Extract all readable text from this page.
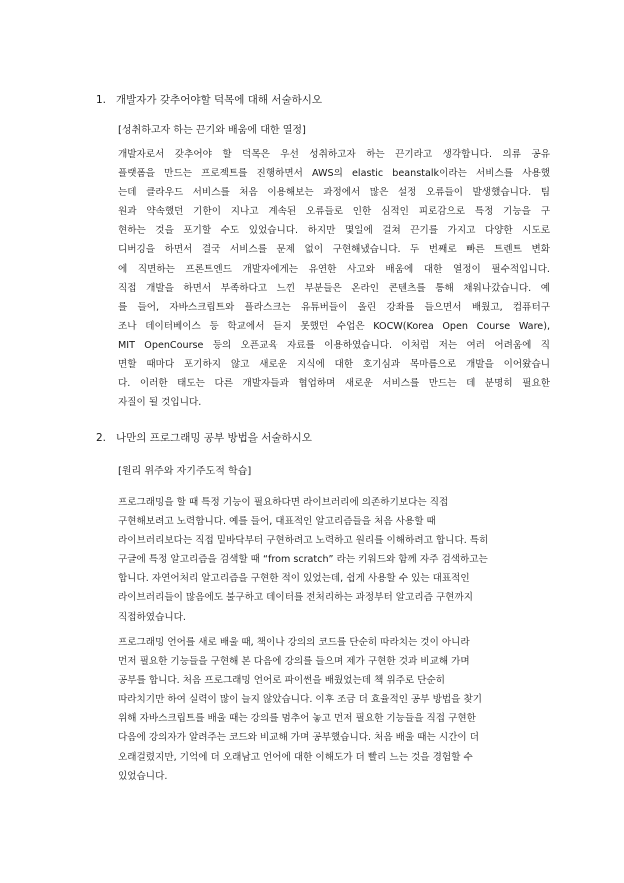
1. 개발자가 갖추어야할 덕목에 대해 서술하시오
[성취하고자 하는 끈기와 배움에 대한 열정]
개발자로서 갖추어야 할 덕목은 우선 성취하고자 하는 끈기라고 생각합니다. 의류 공유
플랫폼을 만드는 프로젝트를 진행하면서 AWS의 elastic beanstalk이라는 서비스를 사용했
는데 클라우드 서비스를 처음 이용해보는 과정에서 많은 설정 오류들이 발생했습니다. 팀
원과 약속했던 기한이 지나고 계속된 오류들로 인한 심적인 피로감으로 특정 기능을 구
현하는 것을 포기할 수도 있었습니다. 하지만 몇일에 걸쳐 끈기를 가지고 다양한 시도로
디버깅을 하면서 결국 서비스를 문제 없이 구현해냈습니다. 두 번째로 빠른 트렌트 변화
에 직면하는 프론트엔드 개발자에게는 유연한 사고와 배움에 대한 열정이 필수적입니다.
직접 개발을 하면서 부족하다고 느낀 부분들은 온라인 콘텐츠를 통해 채워나갔습니다. 예
를 들어, 자바스크립트와 플라스크는 유튜버들이 올린 강좌를 들으면서 배웠고, 컴퓨터구
조나 데이터베이스 등 학교에서 듣지 못했던 수업은 KOCW(Korea Open Course Ware),
MIT OpenCourse 등의 오픈교육 자료를 이용하였습니다. 이처럼 저는 여러 어려움에 직
면할 때마다 포기하지 않고 새로운 지식에 대한 호기심과 목마름으로 개발을 이어왔습니
다. 이러한 태도는 다른 개발자들과 협업하며 새로운 서비스를 만드는 데 분명히 필요한
자질이 될 것입니다.
2. 나만의 프로그래밍 공부 방법을 서술하시오
[원리 위주와 자기주도적 학습]
프로그래밍을 할 때 특정 기능이 필요하다면 라이브러리에 의존하기보다는 직접
구현해보려고 노력합니다. 예를 들어, 대표적인 알고리즘들을 처음 사용할 때
라이브러리보다는 직접 밑바닥부터 구현하려고 노력하고 원리를 이해하려고 합니다. 특히
구글에 특정 알고리즘을 검색할 때 “from scratch” 라는 키워드와 함께 자주 검색하고는
합니다. 자연어처리 알고리즘을 구현한 적이 있었는데, 쉽게 사용할 수 있는 대표적인
라이브러리들이 많음에도 불구하고 데이터를 전처리하는 과정부터 알고리즘 구현까지
직접하였습니다.
프로그래밍 언어를 새로 배울 때, 책이나 강의의 코드를 단순히 따라치는 것이 아니라
먼저 필요한 기능들을 구현해 본 다음에 강의를 들으며 제가 구현한 것과 비교해 가며
공부를 합니다. 처음 프로그래밍 언어로 파이썬을 배웠었는데 책 위주로 단순히
따라치기만 하여 실력이 많이 늘지 않았습니다. 이후 조금 더 효율적인 공부 방법을 찾기
위해 자바스크립트를 배울 때는 강의를 멈추어 놓고 먼저 필요한 기능들을 직접 구현한
다음에 강의자가 알려주는 코드와 비교해 가며 공부했습니다. 처음 배울 때는 시간이 더
오래걸렸지만, 기억에 더 오래남고 언어에 대한 이해도가 더 빨리 느는 것을 경험할 수
있었습니다.
